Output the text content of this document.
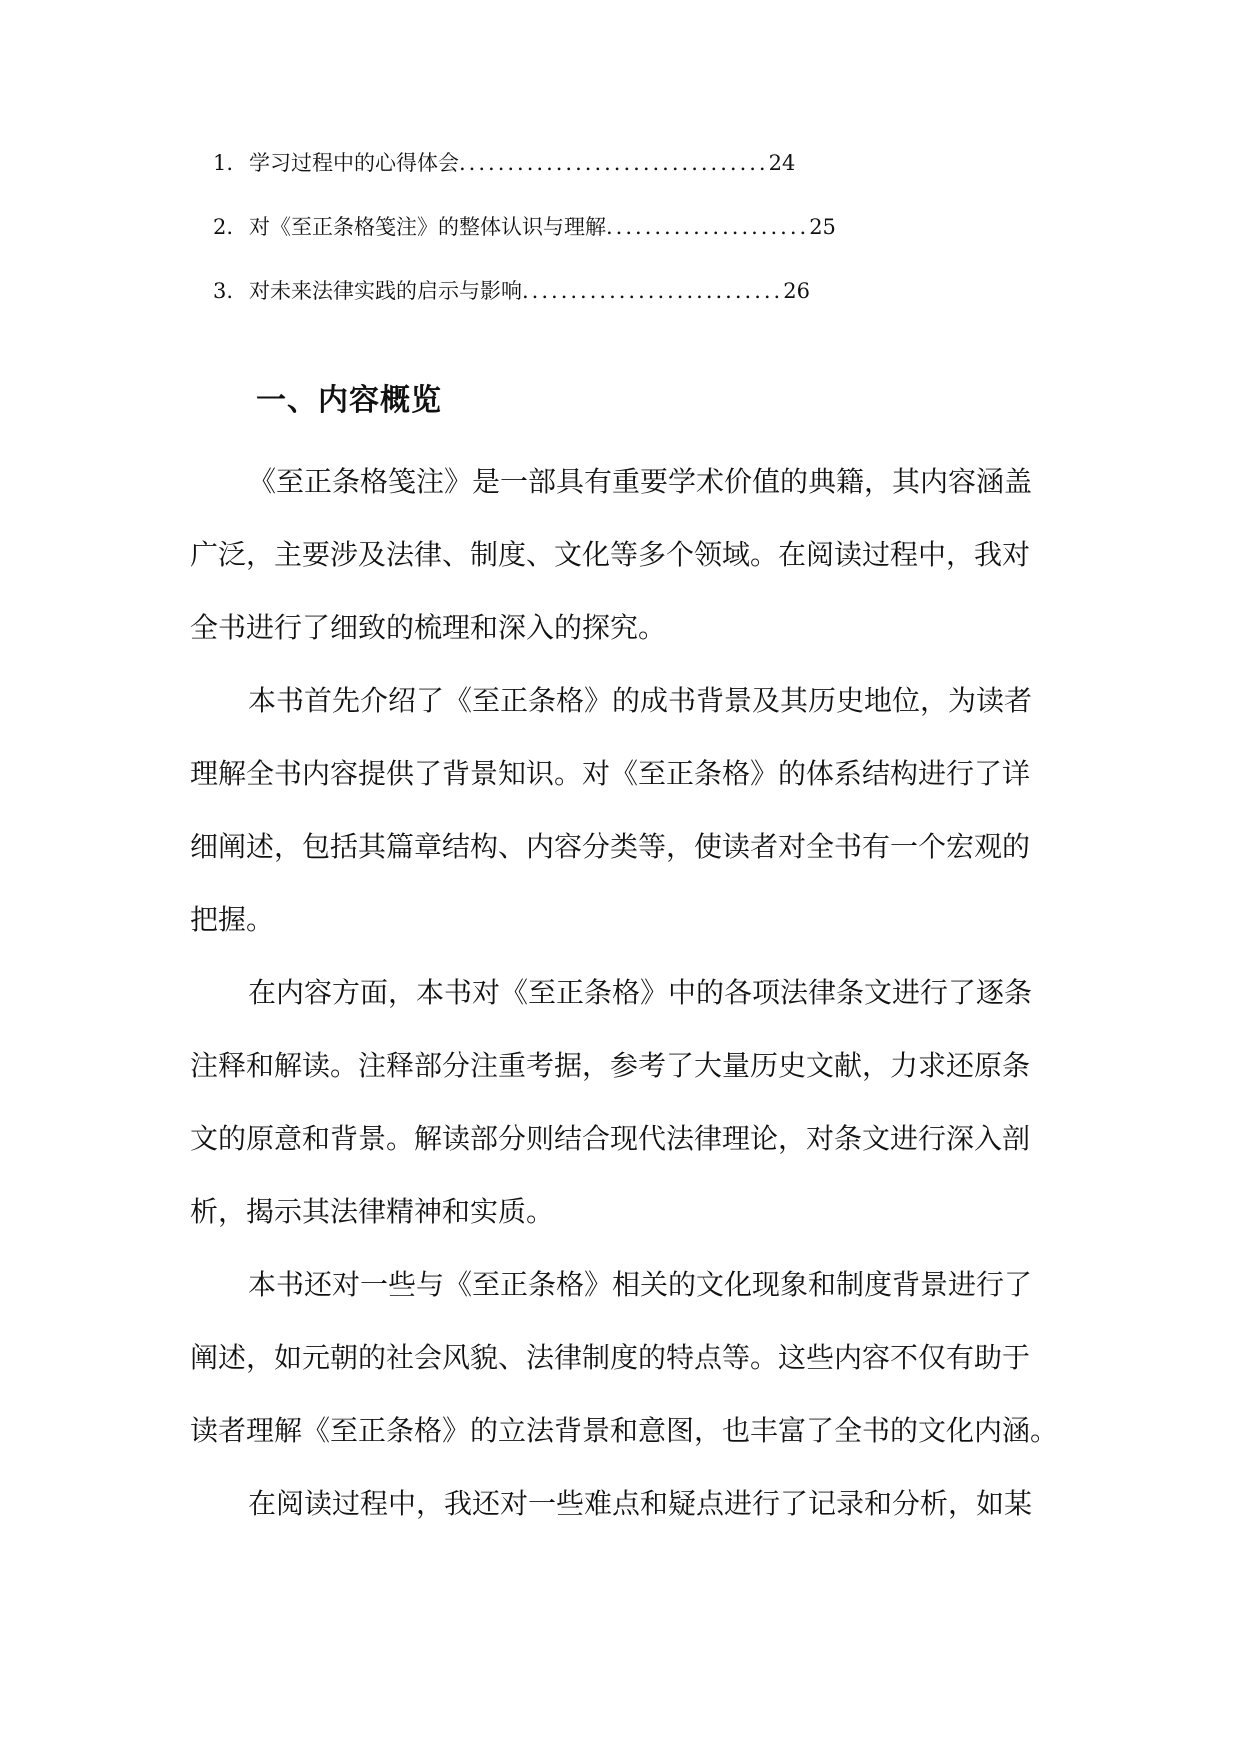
1. 学习过程中的心得体会 ................................ 24
2. 对《至正条格笺注》的整体认识与理解 ..................... 25
3. 对未来法律实践的启示与影响 ........................... 26
一、内容概览
《至正条格笺注》是一部具有重要学术价值的典籍，其内容涵盖
广泛，主要涉及法律、制度、文化等多个领域。在阅读过程中，我对
全书进行了细致的梳理和深入的探究。
本书首先介绍了《至正条格》的成书背景及其历史地位，为读者
理解全书内容提供了背景知识。对《至正条格》的体系结构进行了详
细阐述，包括其篇章结构、内容分类等，使读者对全书有一个宏观的
把握。
在内容方面，本书对《至正条格》中的各项法律条文进行了逐条
注释和解读。注释部分注重考据，参考了大量历史文献，力求还原条
文的原意和背景。解读部分则结合现代法律理论，对条文进行深入剖
析，揭示其法律精神和实质。
本书还对一些与《至正条格》相关的文化现象和制度背景进行了
阐述，如元朝的社会风貌、法律制度的特点等。这些内容不仅有助于
读者理解《至正条格》的立法背景和意图，也丰富了全书的文化内涵。
在阅读过程中，我还对一些难点和疑点进行了记录和分析，如某
